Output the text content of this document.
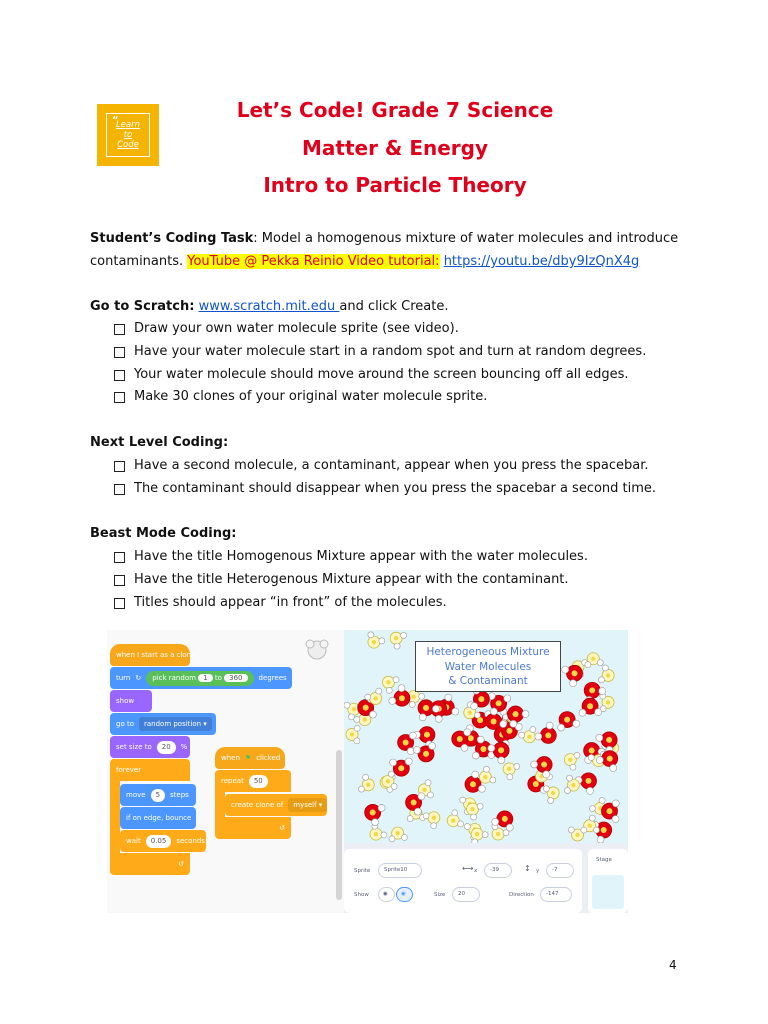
“
Learn
to
Code
Let’s Code! Grade 7 Science
Matter & Energy
Intro to Particle Theory
Student’s Coding Task: Model a homogenous mixture of water molecules and introduce
contaminants. YouTube @ Pekka Reinio Video tutorial: https://youtu.be/dby9IzQnX4g
Go to Scratch: www.scratch.mit.edu and click Create.
Draw your own water molecule sprite (see video).
Have your water molecule start in a random spot and turn at random degrees.
Your water molecule should move around the screen bouncing off all edges.
Make 30 clones of your original water molecule sprite.
Next Level Coding:
Have a second molecule, a contaminant, appear when you press the spacebar.
The contaminant should disappear when you press the spacebar a second time.
Beast Mode Coding:
Have the title Homogenous Mixture appear with the water molecules.
Have the title Heterogenous Mixture appear with the contaminant.
Titles should appear “in front” of the molecules.
when I start as a clone
turn ↻	pick random 1 to 360	degrees
show
go to	random position ▾
set size to	20	%
forever
move	5	steps
if on edge, bounce
wait	0.05	seconds
↺
when ⚑ clicked
repeat	50
create clone of	myself ▾
↺
Heterogeneous Mixture
Water Molecules
& Contaminant
Sprite	Sprite10	⟷ x	-39	↕ y	-7
Show	◉	◉	Size	20	Direction	-147
Stage
4
